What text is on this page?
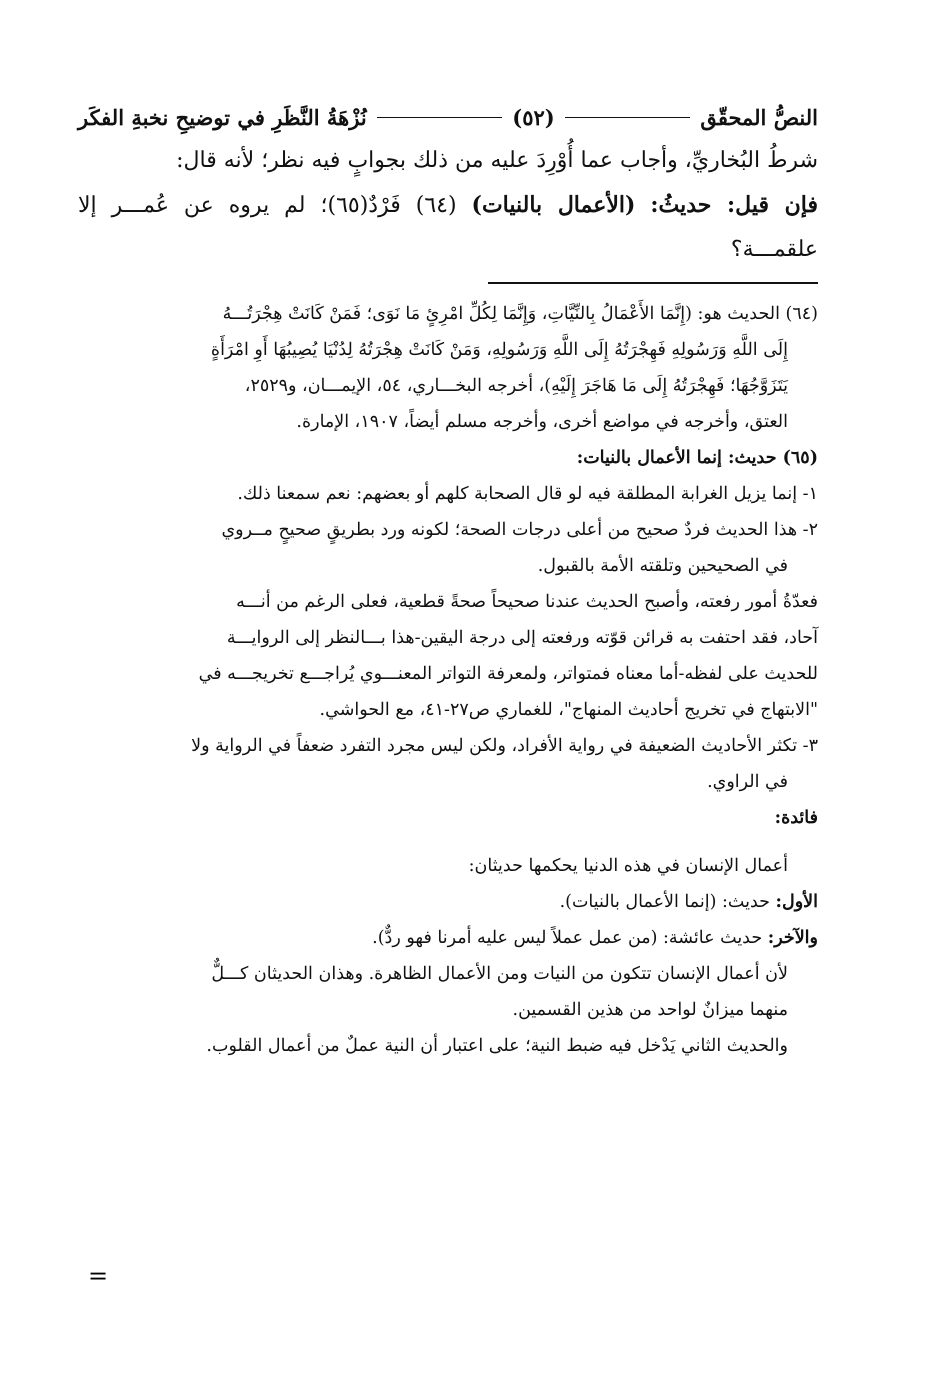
النصُّ المحقّق
(٥٢)
نُزْهَةُ النَّظَرِ في توضيحِ نخبةِ الفكَر

شرطُ البُخاريِّ، وأجاب عما أُوْرِدَ عليه من ذلك بجوابٍ فيه نظر؛ لأنه قال:

فإن قيل: حديثُ: (الأعمال بالنيات) (٦٤) فَرْدٌ(٦٥)؛ لم يروه عن عُمـــر إلا علقمـــة؟

(٦٤) الحديث هو: (إِنَّمَا الأَعْمَالُ بِالنِّيَّاتِ، وَإِنَّمَا لِكُلِّ امْرِئٍ مَا نَوَى؛ فَمَنْ كَانَتْ هِجْرَتُـــهُ

إِلَى اللَّهِ وَرَسُولِهِ فَهِجْرَتُهُ إِلَى اللَّهِ وَرَسُولِهِ، وَمَنْ كَانَتْ هِجْرَتُهُ لِدُنْيَا يُصِيبُهَا أَوِ امْرَأَةٍ

يَتَزَوَّجُهَا؛ فَهِجْرَتُهُ إِلَى مَا هَاجَرَ إِلَيْهِ)، أخرجه البخـــاري، ٥٤، الإيمـــان، و٢٥٢٩،

العتق، وأخرجه في مواضع أخرى، وأخرجه مسلم أيضاً، ١٩٠٧، الإمارة.

(٦٥) حديث: إنما الأعمال بالنيات:

١- إنما يزيل الغرابة المطلقة فيه لو قال الصحابة كلهم أو بعضهم: نعم سمعنا ذلك.

٢- هذا الحديث فردٌ صحيح من أعلى درجات الصحة؛ لكونه ورد بطريقٍ صحيحٍ مــروي

في الصحيحين وتلقته الأمة بالقبول.

فعدّةُ أمور رفعته، وأصبح الحديث عندنا صحيحاً صحةً قطعية، فعلى الرغم من أنـــه

آحاد، فقد احتفت به قرائن قوّته ورفعته إلى درجة اليقين-هذا بـــالنظر إلى الروايـــة

للحديث على لفظه-أما معناه فمتواتر، ولمعرفة التواتر المعنـــوي يُراجـــع تخريجـــه في

"الابتهاج في تخريج أحاديث المنهاج"، للغماري ص٢٧-٤١، مع الحواشي.

٣- تكثر الأحاديث الضعيفة في رواية الأفراد، ولكن ليس مجرد التفرد ضعفاً في الرواية ولا

في الراوي.

فائدة:

أعمال الإنسان في هذه الدنيا يحكمها حديثان:

الأول: حديث: (إنما الأعمال بالنيات).

والآخر: حديث عائشة: (من عمل عملاً ليس عليه أمرنا فهو ردٌّ).

لأن أعمال الإنسان تتكون من النيات ومن الأعمال الظاهرة. وهذان الحديثان كـــلٌّ

منهما ميزانٌ لواحد من هذين القسمين.

والحديث الثاني يَدْخل فيه ضبط النية؛ على اعتبار أن النية عملٌ من أعمال القلوب.

=
